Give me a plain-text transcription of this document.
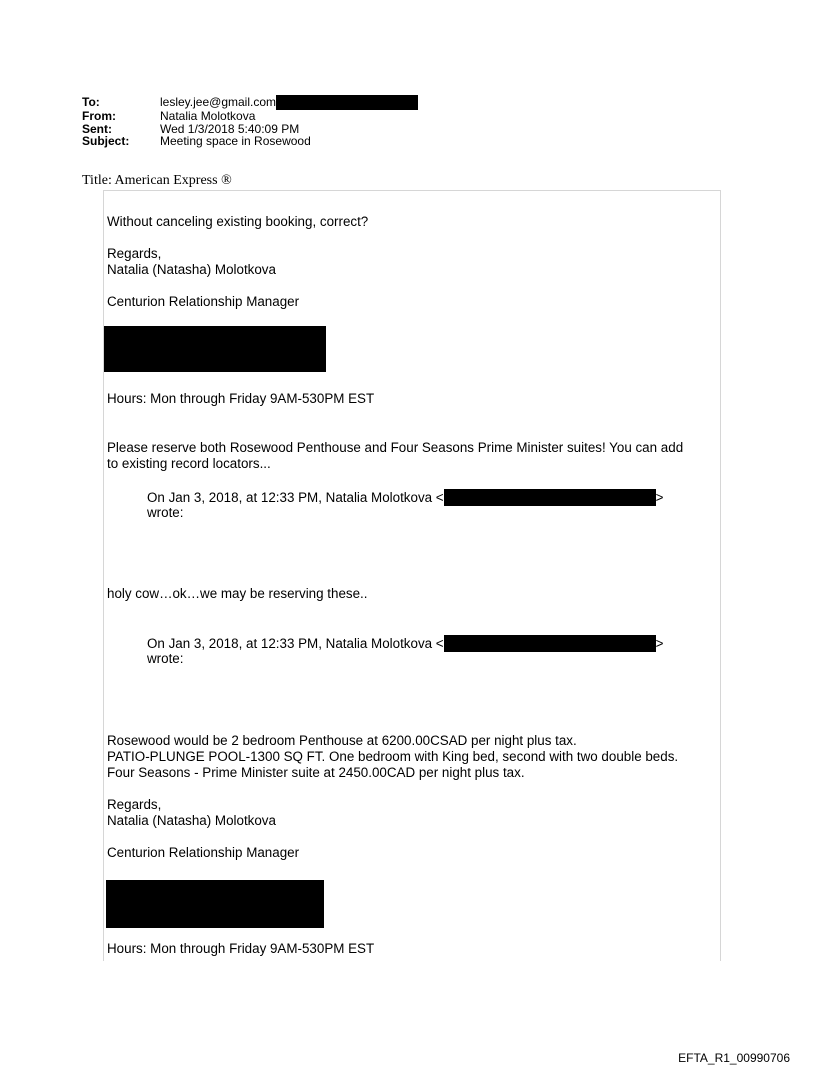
To:	lesley.jee@gmail.com
From:	Natalia Molotkova
Sent:	Wed 1/3/2018 5:40:09 PM
Subject:	Meeting space in Rosewood
Title: American Express ®
Without canceling existing booking, correct?
Regards,
Natalia (Natasha) Molotkova
Centurion Relationship Manager
Hours: Mon through Friday 9AM-530PM EST
Please reserve both Rosewood Penthouse and Four Seasons Prime Minister suites! You can add
to existing record locators...
On Jan 3, 2018, at 12:33 PM, Natalia Molotkova <	>
wrote:
holy cow…ok…we may be reserving these..
On Jan 3, 2018, at 12:33 PM, Natalia Molotkova <	>
wrote:
Rosewood would be 2 bedroom Penthouse at 6200.00CSAD per night plus tax.
PATIO-PLUNGE POOL-1300 SQ FT. One bedroom with King bed, second with two double beds.
Four Seasons - Prime Minister suite at 2450.00CAD per night plus tax.
Regards,
Natalia (Natasha) Molotkova
Centurion Relationship Manager
Hours: Mon through Friday 9AM-530PM EST
EFTA_R1_00990706
